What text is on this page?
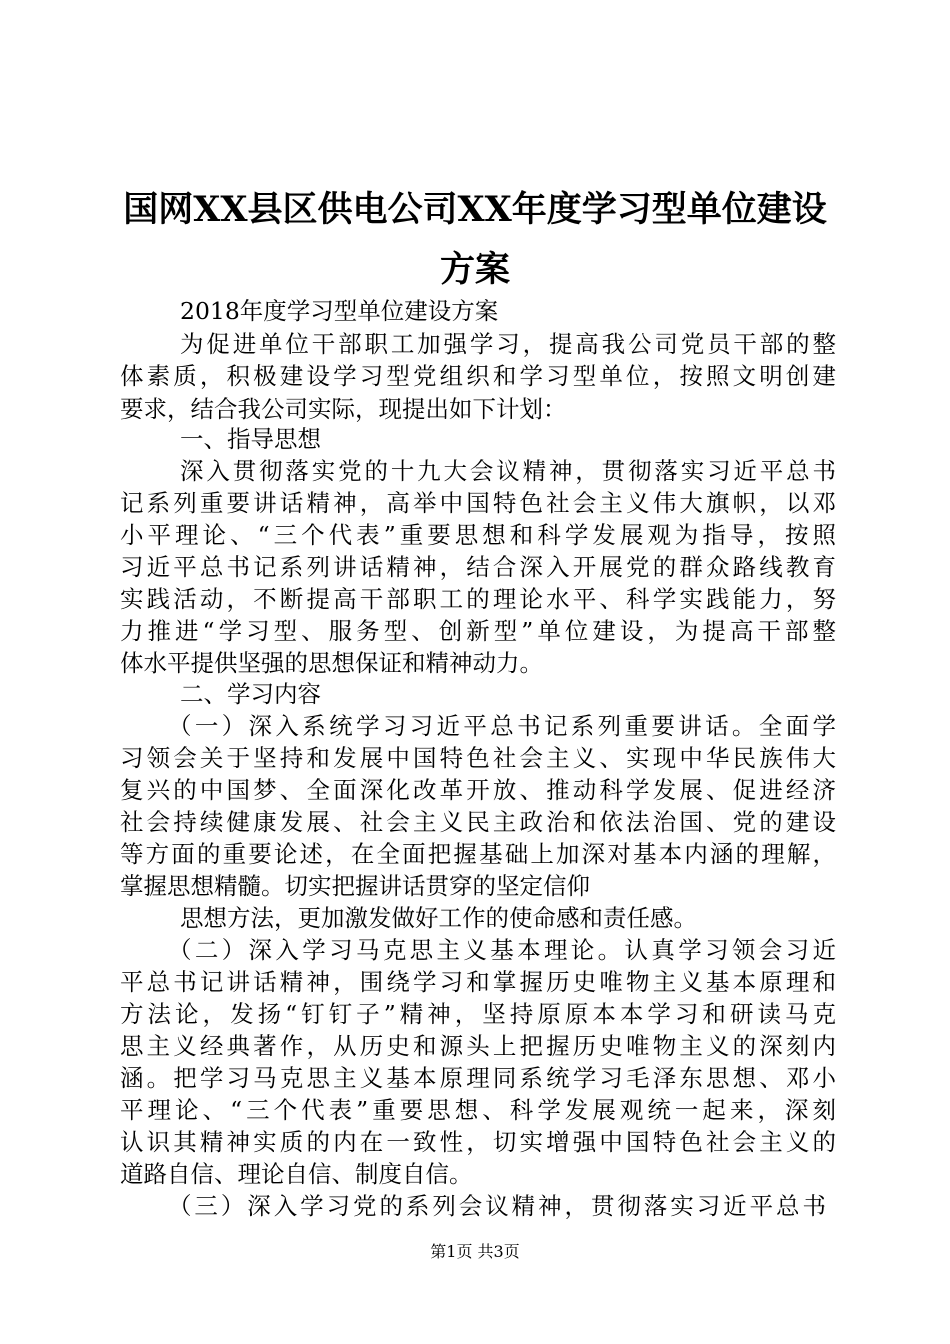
国网XX县区供电公司XX年度学习型单位建设
方案
2018年度学习型单位建设方案
为促进单位干部职工加强学习，提高我公司党员干部的整
体素质，积极建设学习型党组织和学习型单位，按照文明创建
要求，结合我公司实际，现提出如下计划：
一、指导思想
深入贯彻落实党的十九大会议精神，贯彻落实习近平总书
记系列重要讲话精神，高举中国特色社会主义伟大旗帜，以邓
小平理论、“三个代表”重要思想和科学发展观为指导，按照
习近平总书记系列讲话精神，结合深入开展党的群众路线教育
实践活动，不断提高干部职工的理论水平、科学实践能力，努
力推进“学习型、服务型、创新型”单位建设，为提高干部整
体水平提供坚强的思想保证和精神动力。
二、学习内容
（一）深入系统学习习近平总书记系列重要讲话。全面学
习领会关于坚持和发展中国特色社会主义、实现中华民族伟大
复兴的中国梦、全面深化改革开放、推动科学发展、促进经济
社会持续健康发展、社会主义民主政治和依法治国、党的建设
等方面的重要论述，在全面把握基础上加深对基本内涵的理解，
掌握思想精髓。切实把握讲话贯穿的坚定信仰
思想方法，更加激发做好工作的使命感和责任感。
（二）深入学习马克思主义基本理论。认真学习领会习近
平总书记讲话精神，围绕学习和掌握历史唯物主义基本原理和
方法论，发扬“钉钉子”精神，坚持原原本本学习和研读马克
思主义经典著作，从历史和源头上把握历史唯物主义的深刻内
涵。把学习马克思主义基本原理同系统学习毛泽东思想、邓小
平理论、“三个代表”重要思想、科学发展观统一起来，深刻
认识其精神实质的内在一致性，切实增强中国特色社会主义的
道路自信、理论自信、制度自信。
（三）深入学习党的系列会议精神，贯彻落实习近平总书
第1页 共3页
